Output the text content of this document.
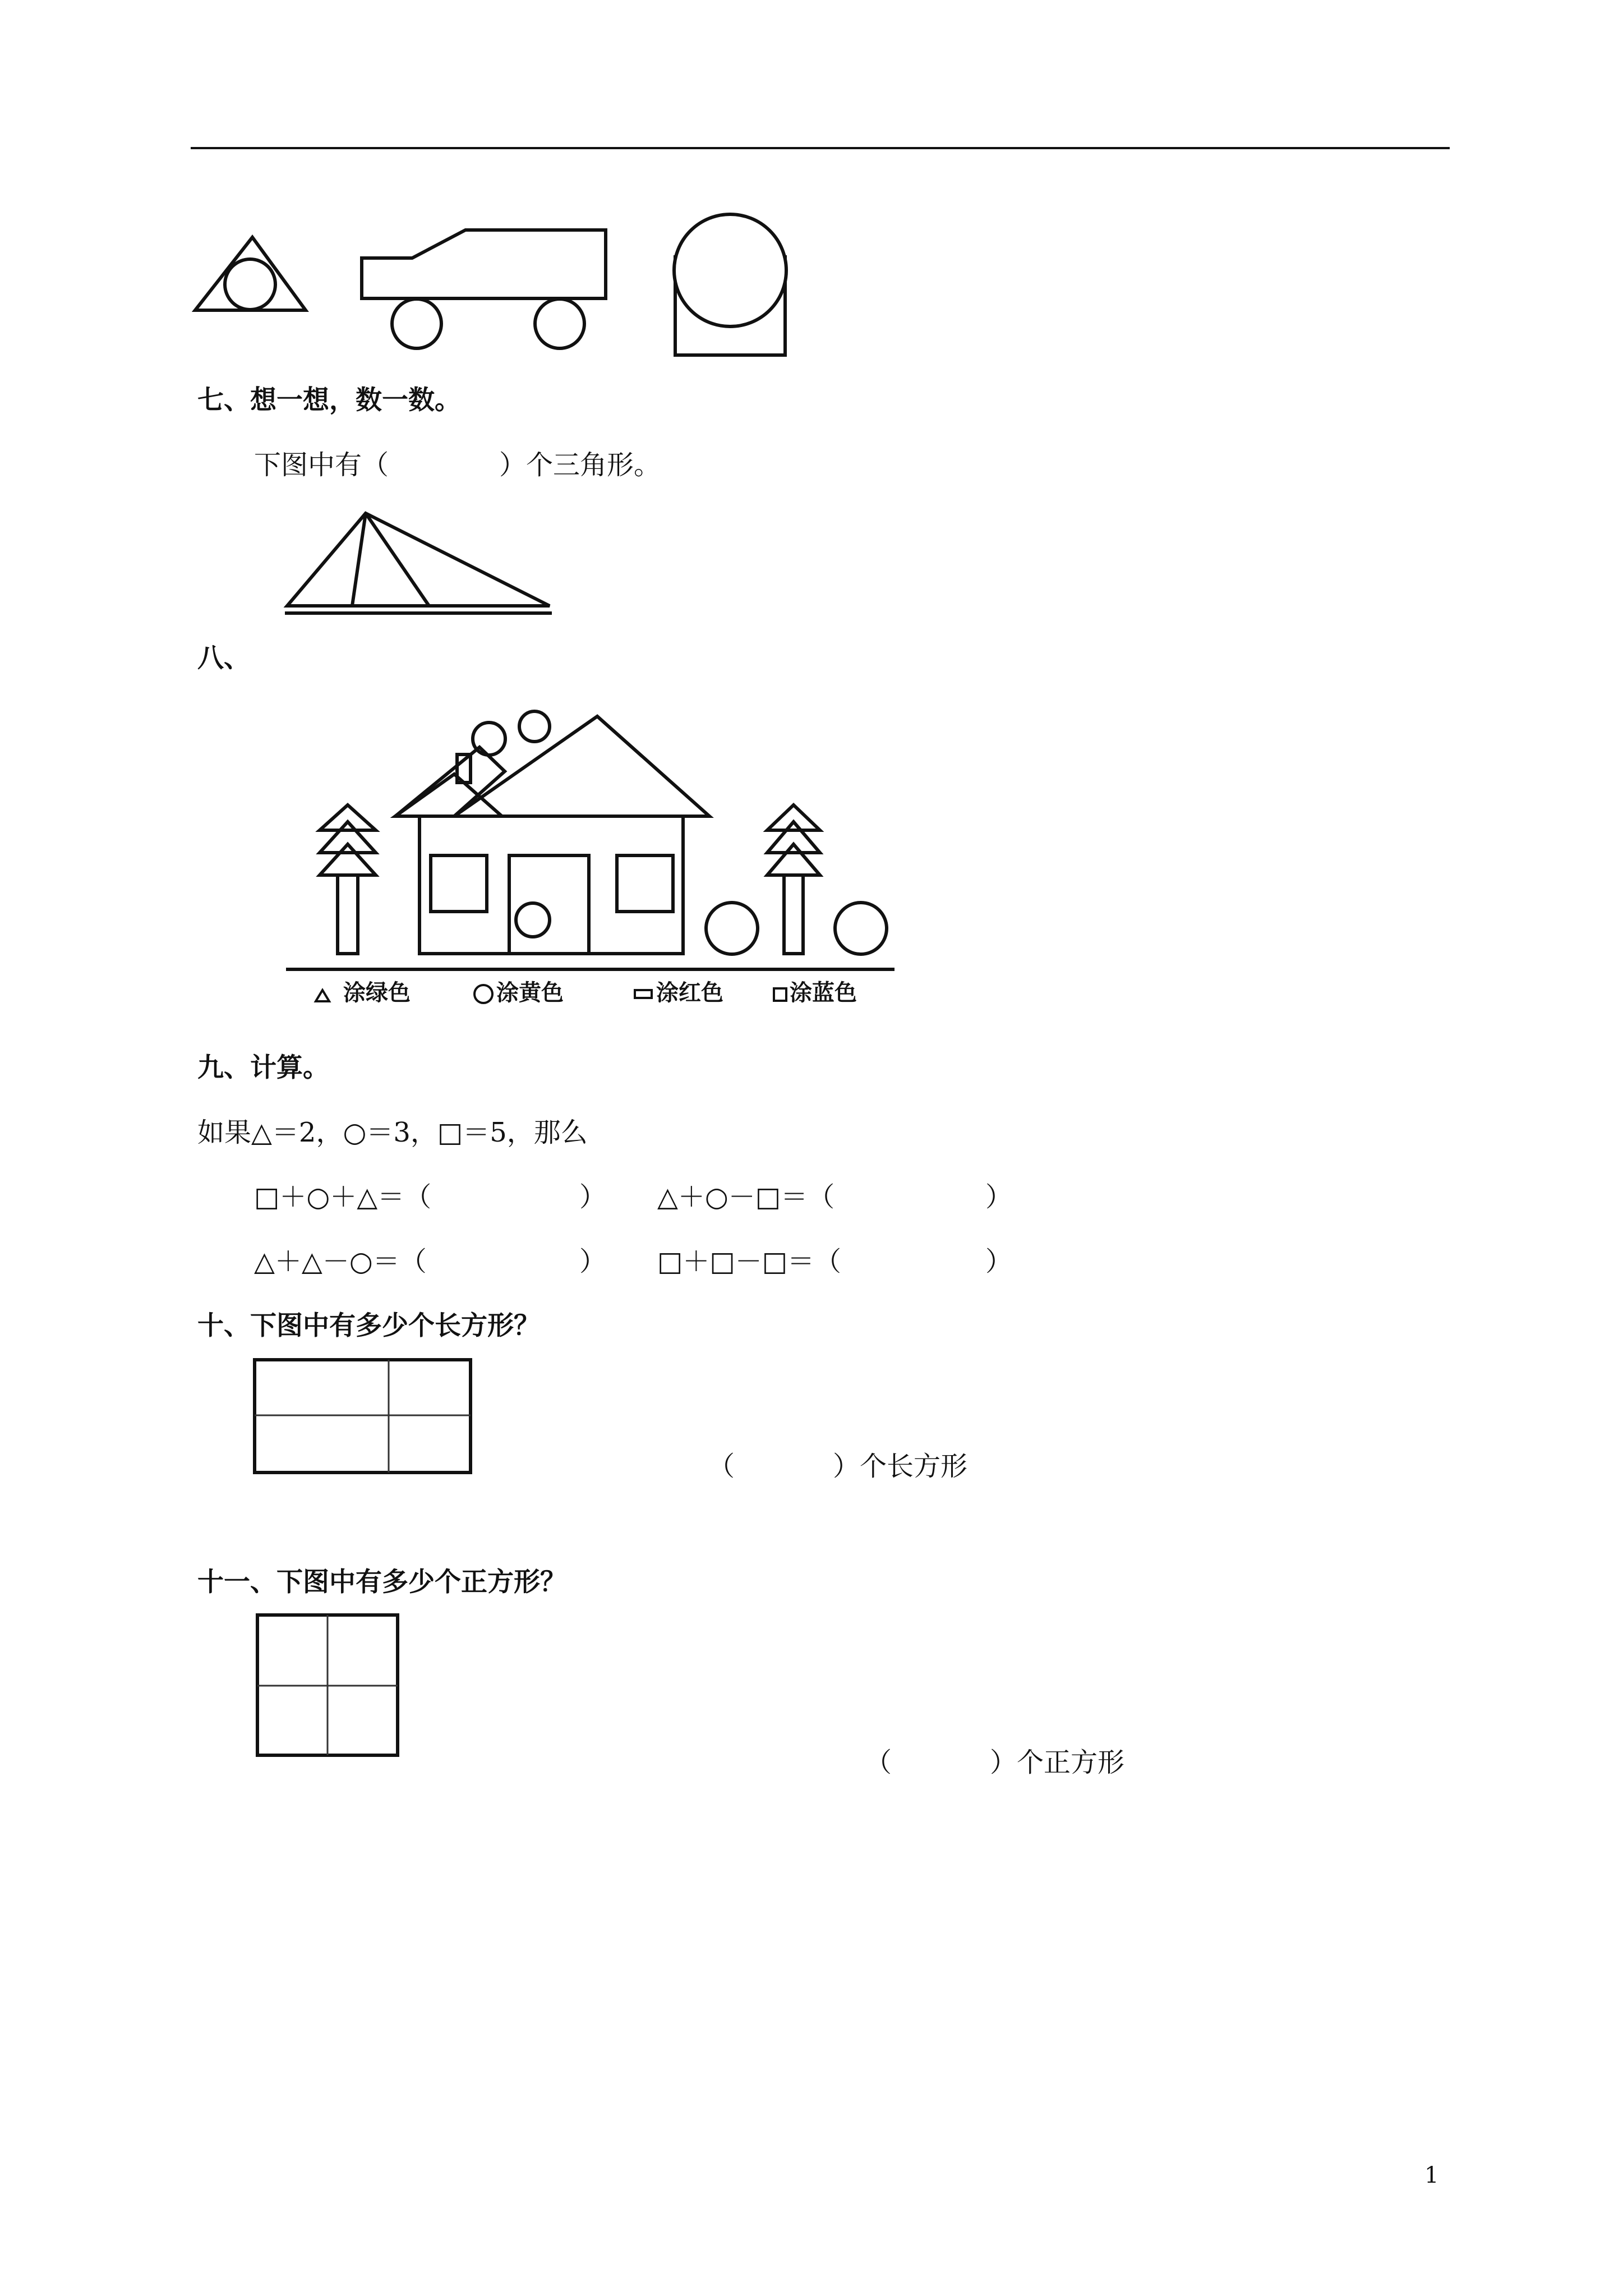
七、想一想，数一数。
下图中有（	）个三角形。
八、
涂绿色	涂黄色	涂红色	涂蓝色
九、计算。
如果△＝2，○＝3，□＝5，那么
□＋○＋△＝（	） △＋○－□＝（	）
△＋△－○＝（	） □＋□－□＝（	）
十、下图中有多少个长方形？
（	）个长方形
十一、下图中有多少个正方形？
（	）个正方形
1
